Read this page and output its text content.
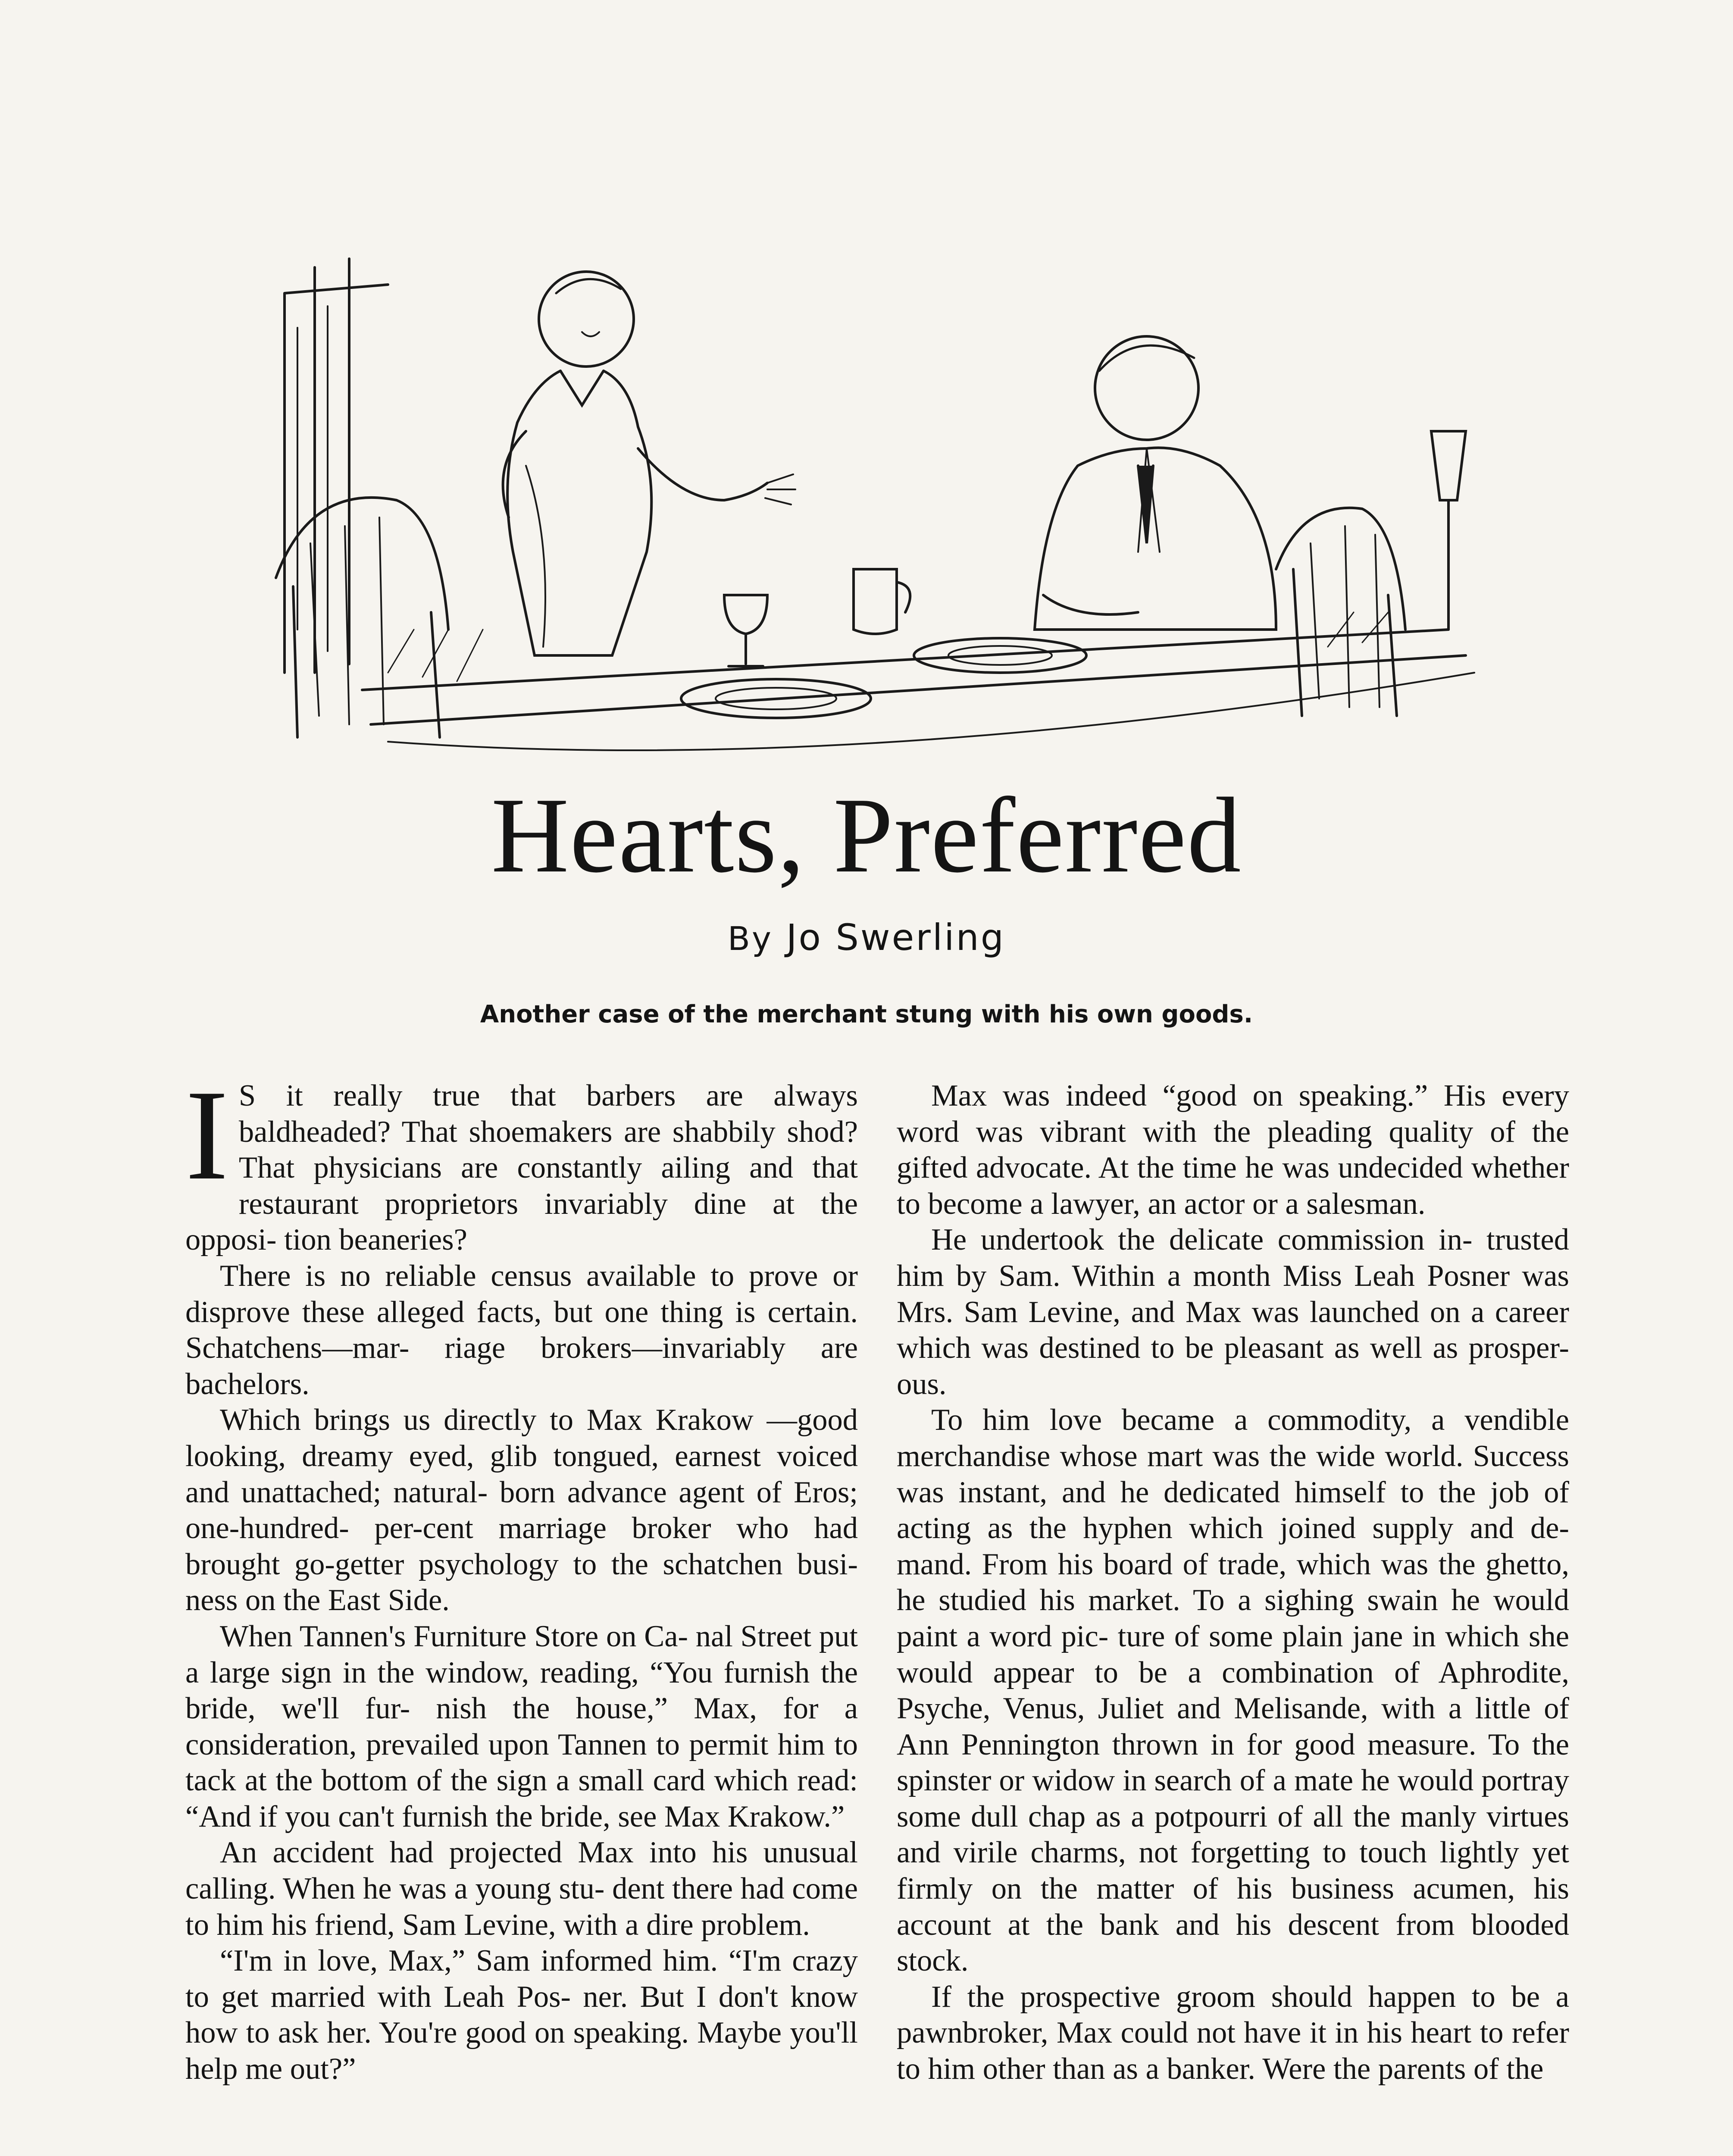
Hearts, Preferred
By Jo Swerling
Another case of the merchant stung with his own goods.

I S it really true that barbers are always baldheaded? That shoemakers are shabbily shod? That physicians are constantly ailing and that restaurant proprietors invariably dine at the opposi- tion beaneries?

There is no reliable census available to prove or disprove these alleged facts, but one thing is certain. Schatchens—mar- riage brokers—invariably are bachelors.

Which brings us directly to Max Krakow —good looking, dreamy eyed, glib tongued, earnest voiced and unattached; natural- born advance agent of Eros; one-hundred- per-cent marriage broker who had brought go-getter psychology to the schatchen busi- ness on the East Side.

When Tannen's Furniture Store on Ca- nal Street put a large sign in the window, reading, “You furnish the bride, we'll fur- nish the house,” Max, for a consideration, prevailed upon Tannen to permit him to tack at the bottom of the sign a small card which read: “And if you can't furnish the bride, see Max Krakow.”

An accident had projected Max into his unusual calling. When he was a young stu- dent there had come to him his friend, Sam Levine, with a dire problem.

“I'm in love, Max,” Sam informed him. “I'm crazy to get married with Leah Pos- ner. But I don't know how to ask her. You're good on speaking. Maybe you'll help me out?”

Max was indeed “good on speaking.” His every word was vibrant with the pleading quality of the gifted advocate. At the time he was undecided whether to become a lawyer, an actor or a salesman.

He undertook the delicate commission in- trusted him by Sam. Within a month Miss Leah Posner was Mrs. Sam Levine, and Max was launched on a career which was destined to be pleasant as well as prosper- ous.

To him love became a commodity, a vendible merchandise whose mart was the wide world. Success was instant, and he dedicated himself to the job of acting as the hyphen which joined supply and de- mand. From his board of trade, which was the ghetto, he studied his market. To a sighing swain he would paint a word pic- ture of some plain jane in which she would appear to be a combination of Aphrodite, Psyche, Venus, Juliet and Melisande, with a little of Ann Pennington thrown in for good measure. To the spinster or widow in search of a mate he would portray some dull chap as a potpourri of all the manly virtues and virile charms, not forgetting to touch lightly yet firmly on the matter of his business acumen, his account at the bank and his descent from blooded stock.

If the prospective groom should happen to be a pawnbroker, Max could not have it in his heart to refer to him other than as a banker. Were the parents of the
